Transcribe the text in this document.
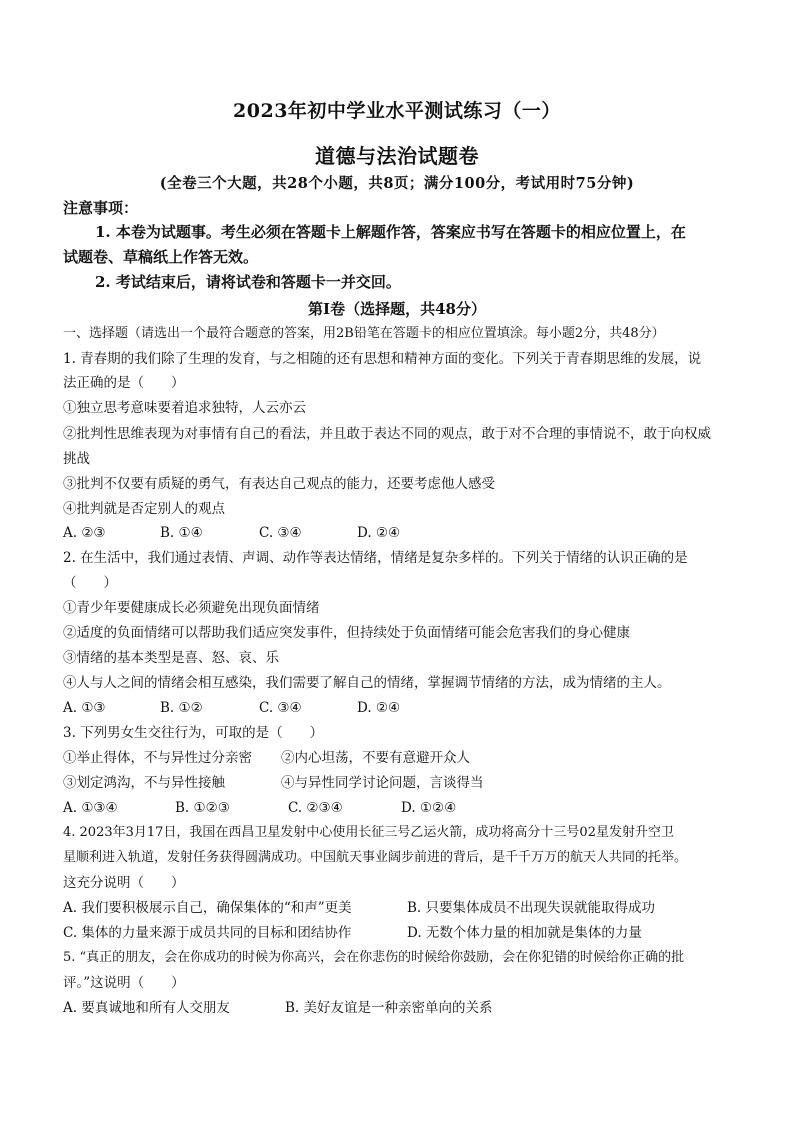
2023年初中学业水平测试练习（一）
道德与法治试题卷
(全卷三个大题，共28个小题，共8页；满分100分，考试用时75分钟)
注意事项：
1. 本卷为试题事。考生必须在答题卡上解题作答，答案应书写在答题卡的相应位置上，在
试题卷、草稿纸上作答无效。
2. 考试结束后，请将试卷和答题卡一并交回。
第Ⅰ卷（选择题，共48分）
一、选择题（请选出一个最符合题意的答案，用2B铅笔在答题卡的相应位置填涂。每小题2分，共48分）
1. 青春期的我们除了生理的发育，与之相随的还有思想和精神方面的变化。下列关于青春期思维的发展，说
法正确的是（　　）
①独立思考意味要着追求独特，人云亦云
②批判性思维表现为对事情有自己的看法，并且敢于表达不同的观点，敢于对不合理的事情说不，敢于向权威
挑战
③批判不仅要有质疑的勇气，有表达自己观点的能力，还要考虑他人感受
④批判就是否定别人的观点
A. ②③	B. ①④	C. ③④	D. ②④
2. 在生活中，我们通过表情、声调、动作等表达情绪，情绪是复杂多样的。下列关于情绪的认识正确的是
（　　）
①青少年要健康成长必须避免出现负面情绪
②适度的负面情绪可以帮助我们适应突发事件，但持续处于负面情绪可能会危害我们的身心健康
③情绪的基本类型是喜、怒、哀、乐
④人与人之间的情绪会相互感染，我们需要了解自己的情绪，掌握调节情绪的方法，成为情绪的主人。
A. ①③	B. ①②	C. ③④	D. ②④
3. 下列男女生交往行为，可取的是（　　）
①举止得体，不与异性过分亲密 ②内心坦荡，不要有意避开众人
③划定鸿沟，不与异性接触	④与异性同学讨论问题，言谈得当
A. ①③④	B. ①②③	C. ②③④	D. ①②④
4. 2023年3月17日，我国在西昌卫星发射中心使用长征三号乙运火箭，成功将高分十三号02星发射升空卫
星顺利进入轨道，发射任务获得圆满成功。中国航天事业阔步前进的背后，是千千万万的航天人共同的托举。
这充分说明（　　）
A. 我们要积极展示自己，确保集体的“和声”更美	B. 只要集体成员不出现失误就能取得成功
C. 集体的力量来源于成员共同的目标和团结协作	D. 无数个体力量的相加就是集体的力量
5. “真正的朋友，会在你成功的时候为你高兴，会在你悲伤的时候给你鼓励，会在你犯错的时候给你正确的批
评。”这说明（　　）
A. 要真诚地和所有人交朋友	B. 美好友谊是一种亲密单向的关系
